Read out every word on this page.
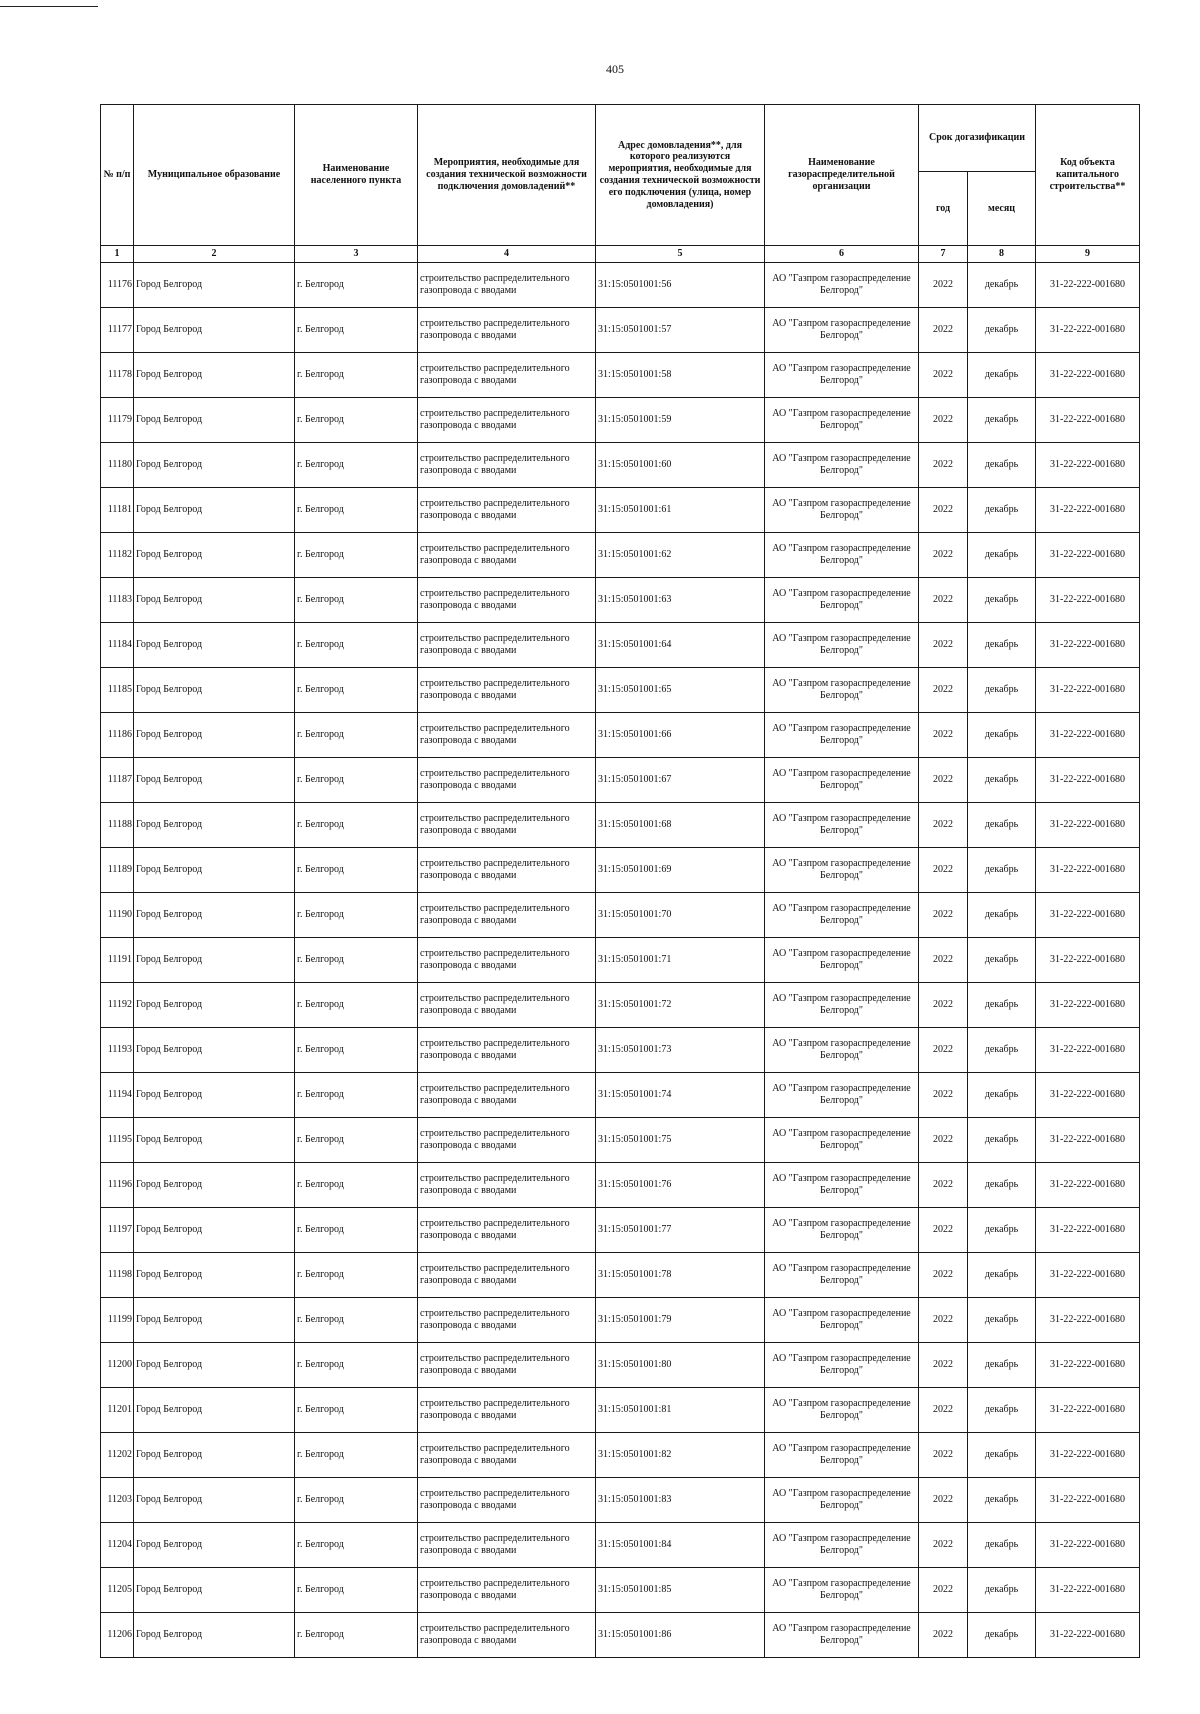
405
№ п/п	Муниципальное образование	Наименование населенного пункта	Мероприятия, необходимые для создания технической возможности подключения домовладений**	Адрес домовладения**, для которого реализуются мероприятия, необходимые для создания технической возможности его подключения (улица, номер домовладения)	Наименование газораспределительной организации	Срок догазификации		Код объекта капитального строительства**
						год	месяц	
1	2	3	4	5	6	7	8	9
11176	Город Белгород	г. Белгород	строительство распределительного газопровода с вводами	31:15:0501001:56	АО "Газпром газораспределение Белгород"	2022	декабрь	31-22-222-001680
11177	Город Белгород	г. Белгород	строительство распределительного газопровода с вводами	31:15:0501001:57	АО "Газпром газораспределение Белгород"	2022	декабрь	31-22-222-001680
11178	Город Белгород	г. Белгород	строительство распределительного газопровода с вводами	31:15:0501001:58	АО "Газпром газораспределение Белгород"	2022	декабрь	31-22-222-001680
11179	Город Белгород	г. Белгород	строительство распределительного газопровода с вводами	31:15:0501001:59	АО "Газпром газораспределение Белгород"	2022	декабрь	31-22-222-001680
11180	Город Белгород	г. Белгород	строительство распределительного газопровода с вводами	31:15:0501001:60	АО "Газпром газораспределение Белгород"	2022	декабрь	31-22-222-001680
11181	Город Белгород	г. Белгород	строительство распределительного газопровода с вводами	31:15:0501001:61	АО "Газпром газораспределение Белгород"	2022	декабрь	31-22-222-001680
11182	Город Белгород	г. Белгород	строительство распределительного газопровода с вводами	31:15:0501001:62	АО "Газпром газораспределение Белгород"	2022	декабрь	31-22-222-001680
11183	Город Белгород	г. Белгород	строительство распределительного газопровода с вводами	31:15:0501001:63	АО "Газпром газораспределение Белгород"	2022	декабрь	31-22-222-001680
11184	Город Белгород	г. Белгород	строительство распределительного газопровода с вводами	31:15:0501001:64	АО "Газпром газораспределение Белгород"	2022	декабрь	31-22-222-001680
11185	Город Белгород	г. Белгород	строительство распределительного газопровода с вводами	31:15:0501001:65	АО "Газпром газораспределение Белгород"	2022	декабрь	31-22-222-001680
11186	Город Белгород	г. Белгород	строительство распределительного газопровода с вводами	31:15:0501001:66	АО "Газпром газораспределение Белгород"	2022	декабрь	31-22-222-001680
11187	Город Белгород	г. Белгород	строительство распределительного газопровода с вводами	31:15:0501001:67	АО "Газпром газораспределение Белгород"	2022	декабрь	31-22-222-001680
11188	Город Белгород	г. Белгород	строительство распределительного газопровода с вводами	31:15:0501001:68	АО "Газпром газораспределение Белгород"	2022	декабрь	31-22-222-001680
11189	Город Белгород	г. Белгород	строительство распределительного газопровода с вводами	31:15:0501001:69	АО "Газпром газораспределение Белгород"	2022	декабрь	31-22-222-001680
11190	Город Белгород	г. Белгород	строительство распределительного газопровода с вводами	31:15:0501001:70	АО "Газпром газораспределение Белгород"	2022	декабрь	31-22-222-001680
11191	Город Белгород	г. Белгород	строительство распределительного газопровода с вводами	31:15:0501001:71	АО "Газпром газораспределение Белгород"	2022	декабрь	31-22-222-001680
11192	Город Белгород	г. Белгород	строительство распределительного газопровода с вводами	31:15:0501001:72	АО "Газпром газораспределение Белгород"	2022	декабрь	31-22-222-001680
11193	Город Белгород	г. Белгород	строительство распределительного газопровода с вводами	31:15:0501001:73	АО "Газпром газораспределение Белгород"	2022	декабрь	31-22-222-001680
11194	Город Белгород	г. Белгород	строительство распределительного газопровода с вводами	31:15:0501001:74	АО "Газпром газораспределение Белгород"	2022	декабрь	31-22-222-001680
11195	Город Белгород	г. Белгород	строительство распределительного газопровода с вводами	31:15:0501001:75	АО "Газпром газораспределение Белгород"	2022	декабрь	31-22-222-001680
11196	Город Белгород	г. Белгород	строительство распределительного газопровода с вводами	31:15:0501001:76	АО "Газпром газораспределение Белгород"	2022	декабрь	31-22-222-001680
11197	Город Белгород	г. Белгород	строительство распределительного газопровода с вводами	31:15:0501001:77	АО "Газпром газораспределение Белгород"	2022	декабрь	31-22-222-001680
11198	Город Белгород	г. Белгород	строительство распределительного газопровода с вводами	31:15:0501001:78	АО "Газпром газораспределение Белгород"	2022	декабрь	31-22-222-001680
11199	Город Белгород	г. Белгород	строительство распределительного газопровода с вводами	31:15:0501001:79	АО "Газпром газораспределение Белгород"	2022	декабрь	31-22-222-001680
11200	Город Белгород	г. Белгород	строительство распределительного газопровода с вводами	31:15:0501001:80	АО "Газпром газораспределение Белгород"	2022	декабрь	31-22-222-001680
11201	Город Белгород	г. Белгород	строительство распределительного газопровода с вводами	31:15:0501001:81	АО "Газпром газораспределение Белгород"	2022	декабрь	31-22-222-001680
11202	Город Белгород	г. Белгород	строительство распределительного газопровода с вводами	31:15:0501001:82	АО "Газпром газораспределение Белгород"	2022	декабрь	31-22-222-001680
11203	Город Белгород	г. Белгород	строительство распределительного газопровода с вводами	31:15:0501001:83	АО "Газпром газораспределение Белгород"	2022	декабрь	31-22-222-001680
11204	Город Белгород	г. Белгород	строительство распределительного газопровода с вводами	31:15:0501001:84	АО "Газпром газораспределение Белгород"	2022	декабрь	31-22-222-001680
11205	Город Белгород	г. Белгород	строительство распределительного газопровода с вводами	31:15:0501001:85	АО "Газпром газораспределение Белгород"	2022	декабрь	31-22-222-001680
11206	Город Белгород	г. Белгород	строительство распределительного газопровода с вводами	31:15:0501001:86	АО "Газпром газораспределение Белгород"	2022	декабрь	31-22-222-001680
